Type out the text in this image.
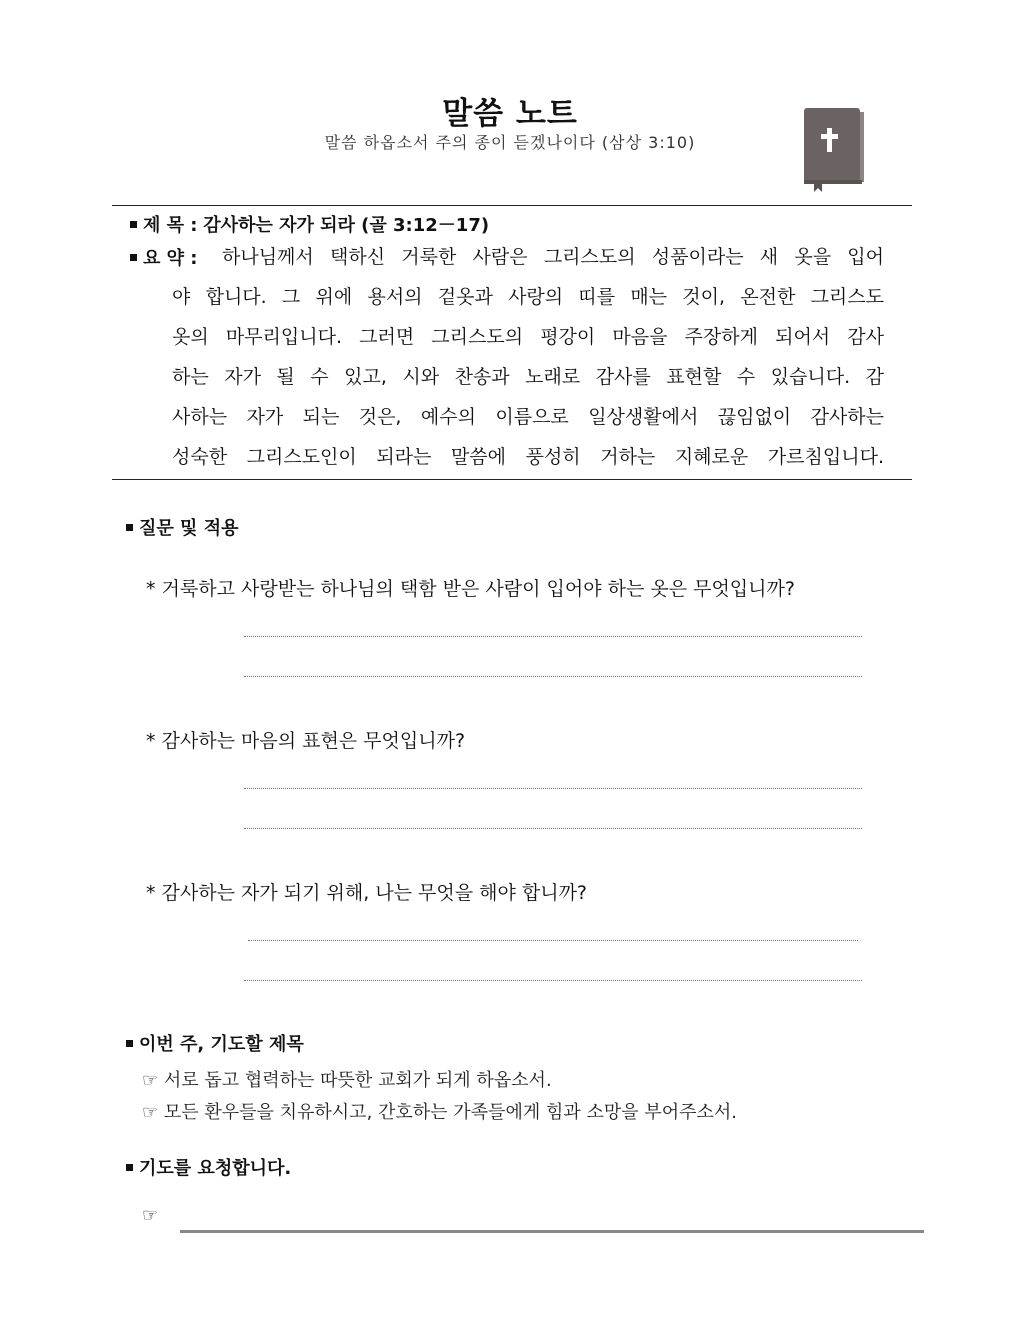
말씀 노트
말씀 하옵소서 주의 종이 듣겠나이다 (삼상 3:10)
제 목 : 감사하는 자가 되라 (골 3:12－17)
요 약 : 하나님께서 택하신 거룩한 사람은 그리스도의 성품이라는 새 옷을 입어
야 합니다. 그 위에 용서의 겉옷과 사랑의 띠를 매는 것이, 온전한 그리스도
옷의 마무리입니다. 그러면 그리스도의 평강이 마음을 주장하게 되어서 감사
하는 자가 될 수 있고, 시와 찬송과 노래로 감사를 표현할 수 있습니다. 감
사하는 자가 되는 것은, 예수의 이름으로 일상생활에서 끊임없이 감사하는
성숙한 그리스도인이 되라는 말씀에 풍성히 거하는 지혜로운 가르침입니다.
질문 및 적용
* 거룩하고 사랑받는 하나님의 택함 받은 사람이 입어야 하는 옷은 무엇입니까?
* 감사하는 마음의 표현은 무엇입니까?
* 감사하는 자가 되기 위해, 나는 무엇을 해야 합니까?
이번 주, 기도할 제목
☞ 서로 돕고 협력하는 따뜻한 교회가 되게 하옵소서.
☞ 모든 환우들을 치유하시고, 간호하는 가족들에게 힘과 소망을 부어주소서.
기도를 요청합니다.
☞
